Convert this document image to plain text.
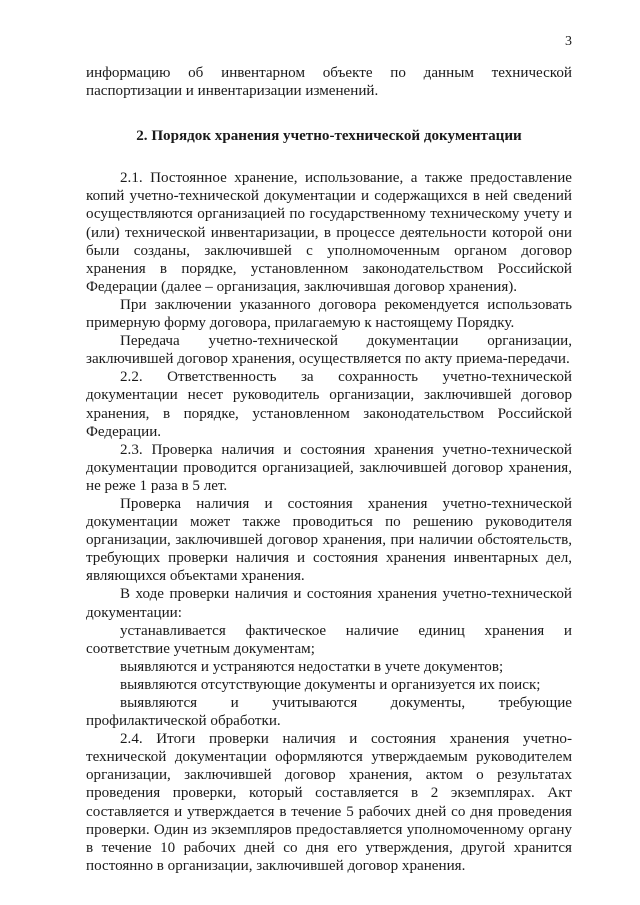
3

информацию об инвентарном объекте по данным технической паспортизации и инвентаризации изменений.

2. Порядок хранения учетно-технической документации

2.1. Постоянное хранение, использование, а также предоставление копий учетно-технической документации и содержащихся в ней сведений осуществляются организацией по государственному техническому учету и (или) технической инвентаризации, в процессе деятельности которой они были созданы, заключившей с уполномоченным органом договор хранения в порядке, установленном законодательством Российской Федерации (далее – организация, заключившая договор хранения).

При заключении указанного договора рекомендуется использовать примерную форму договора, прилагаемую к настоящему Порядку.

Передача учетно-технической документации организации, заключившей договор хранения, осуществляется по акту приема-передачи.

2.2. Ответственность за сохранность учетно-технической документации несет руководитель организации, заключившей договор хранения, в порядке, установленном законодательством Российской Федерации.

2.3. Проверка наличия и состояния хранения учетно-технической документации проводится организацией, заключившей договор хранения, не реже 1 раза в 5 лет.

Проверка наличия и состояния хранения учетно-технической документации может также проводиться по решению руководителя организации, заключившей договор хранения, при наличии обстоятельств, требующих проверки наличия и состояния хранения инвентарных дел, являющихся объектами хранения.

В ходе проверки наличия и состояния хранения учетно-технической документации:

устанавливается фактическое наличие единиц хранения и соответствие учетным документам;

выявляются и устраняются недостатки в учете документов;

выявляются отсутствующие документы и организуется их поиск;

выявляются и учитываются документы, требующие профилактической обработки.

2.4. Итоги проверки наличия и состояния хранения учетно-технической документации оформляются утверждаемым руководителем организации, заключившей договор хранения, актом о результатах проведения проверки, который составляется в 2 экземплярах. Акт составляется и утверждается в течение 5 рабочих дней со дня проведения проверки. Один из экземпляров предоставляется уполномоченному органу в течение 10 рабочих дней со дня его утверждения, другой хранится постоянно в организации, заключившей договор хранения.
